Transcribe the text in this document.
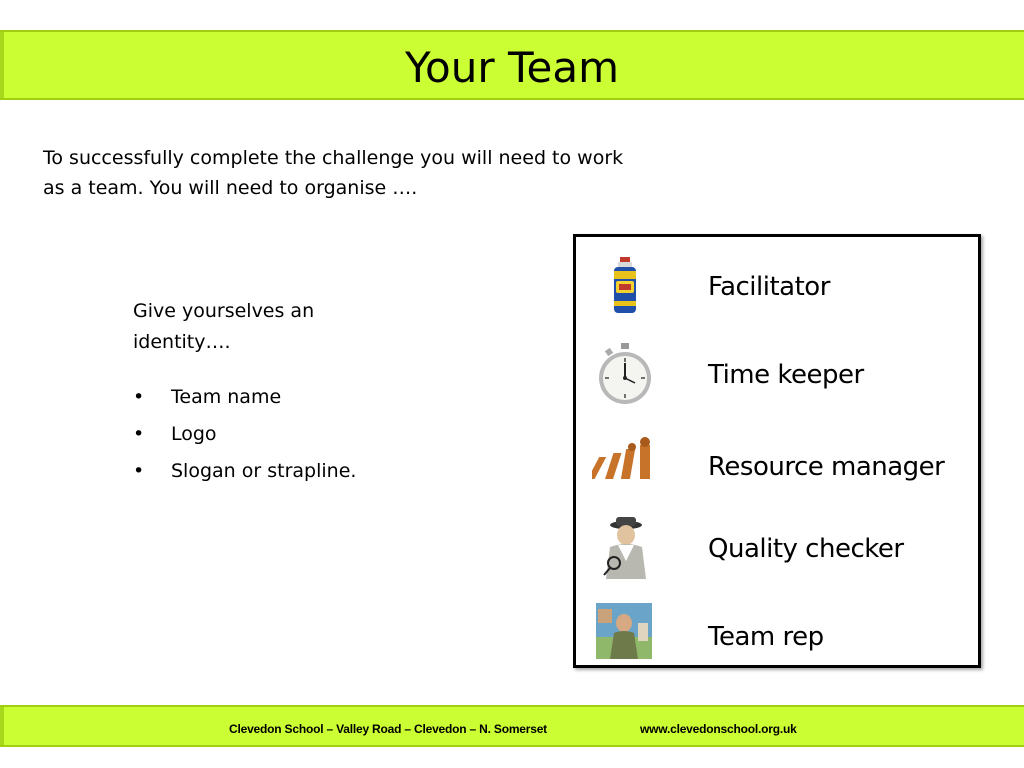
Your Team
To successfully complete the challenge you will need to work as a team. You will need to organise ….

Give yourselves an identity….

• Team name
• Logo
• Slogan or strapline.
Facilitator
Time keeper
Resource manager
Quality checker
Team rep
Clevedon School – Valley Road – Clevedon – N. Somerset	www.clevedonschool.org.uk
